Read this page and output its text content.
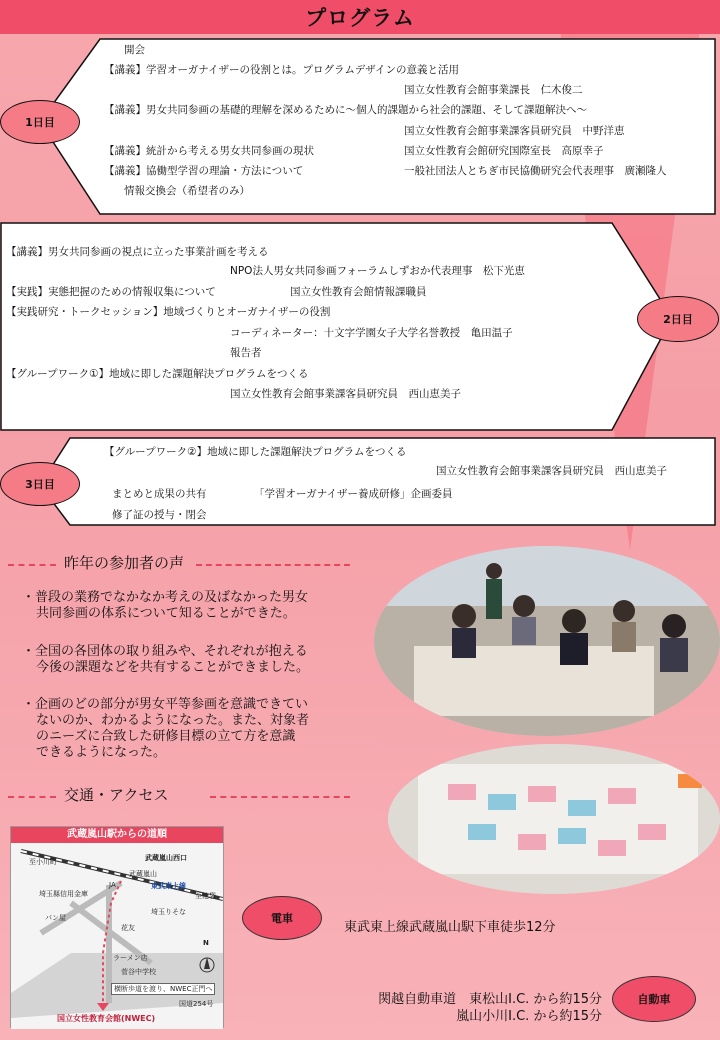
プログラム
開会
【講義】学習オーガナイザーの役割とは。プログラムデザインの意義と活用
国立女性教育会館事業課長　仁木俊二
【講義】男女共同参画の基礎的理解を深めるために～個人的課題から社会的課題、そして課題解決へ～
国立女性教育会館事業課客員研究員　中野洋恵
【講義】統計から考える男女共同参画の現状	国立女性教育会館研究国際室長　高原幸子
【講義】協働型学習の理論・方法について	一般社団法人とちぎ市民協働研究会代表理事　廣瀬隆人
情報交換会（希望者のみ）
1日目
【講義】男女共同参画の視点に立った事業計画を考える
NPO法人男女共同参画フォーラムしずおか代表理事　松下光恵
【実践】実態把握のための情報収集について	国立女性教育会館情報課職員
【実践研究・トークセッション】地域づくりとオーガナイザーの役割
コーディネーター：十文字学園女子大学名誉教授　亀田温子
報告者
【グループワーク①】地域に即した課題解決プログラムをつくる
国立女性教育会館事業課客員研究員　西山恵美子
2日目
【グループワーク②】地域に即した課題解決プログラムをつくる
国立女性教育会館事業課客員研究員　西山恵美子
まとめと成果の共有	「学習オーガナイザー養成研修」企画委員
修了証の授与・閉会
3日目
昨年の参加者の声
・普段の業務でなかなか考えの及ばなかった男女
共同参画の体系について知ることができた。
・全国の各団体の取り組みや、それぞれが抱える
今後の課題などを共有することができました。
・企画のどの部分が男女平等参画を意識できてい
ないのか、わかるようになった。また、対象者
のニーズに合致した研修目標の立て方を意識
できるようになった。
交通・アクセス
武蔵嵐山駅からの道順
至小川町
武蔵嵐山
武蔵嵐山西口
東武東上線
至池袋
埼玉縣信用金庫
JA
埼玉りそな
パン屋
花友
ラーメン店
菅谷中学校
横断歩道を渡り、NWEC正門へ
国道254号
N
国立女性教育会館(NWEC)
電車
東武東上線武蔵嵐山駅下車徒歩12分
自動車
関越自動車道　東松山I.C. から約15分
嵐山小川I.C. から約15分
